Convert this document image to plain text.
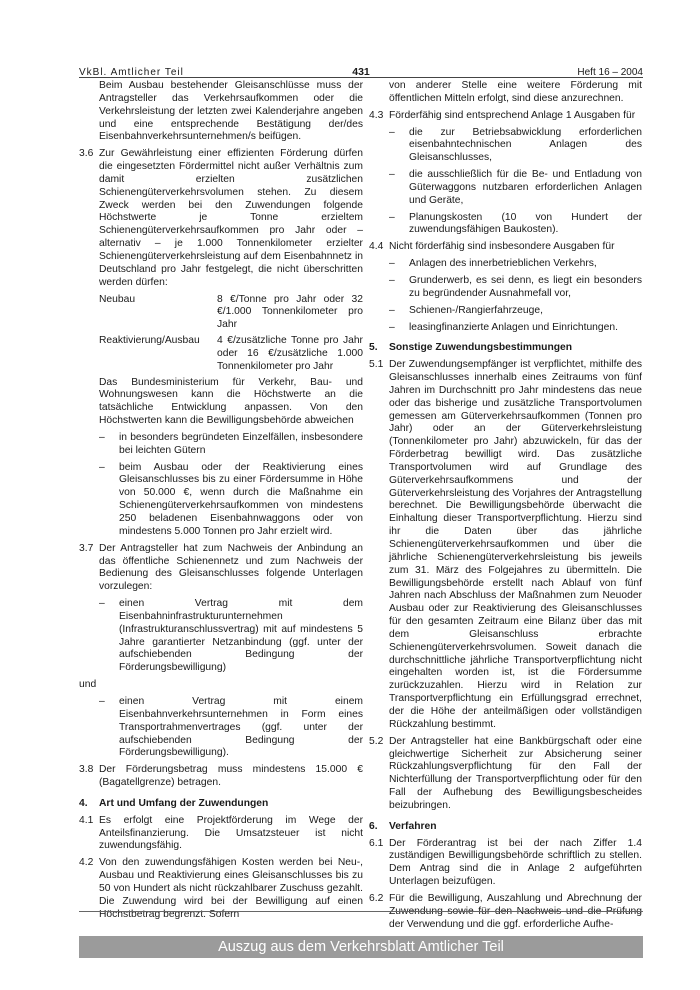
VkBl. Amtlicher Teil	431	Heft 16 – 2004

Beim Ausbau bestehender Gleisanschlüsse muss der Antragsteller das Verkehrsaufkommen oder die Verkehrsleistung der letzten zwei Kalenderjahre angeben und eine entsprechende Bestätigung der/des Eisenbahnverkehrsunternehmen/s beifügen.

3.6 Zur Gewährleistung einer effizienten Förderung dürfen die eingesetzten Fördermittel nicht außer Verhältnis zum damit erzielten zusätzlichen Schienengüterverkehrsvolumen stehen. Zu diesem Zweck werden bei den Zuwendungen folgende Höchstwerte je Tonne erzieltem Schienengüterverkehrsaufkommen pro Jahr oder – alternativ – je 1.000 Tonnenkilometer erzielter Schienengüterverkehrsleistung auf dem Eisenbahnnetz in Deutschland pro Jahr festgelegt, die nicht überschritten werden dürfen:
Neubau	8 €/Tonne pro Jahr oder 32 €/1.000 Tonnenkilometer pro Jahr
Reaktivierung/Ausbau	4 €/zusätzliche Tonne pro Jahr oder 16 €/zusätzliche 1.000 Tonnenkilometer pro Jahr

Das Bundesministerium für Verkehr, Bau- und Wohnungswesen kann die Höchstwerte an die tatsächliche Entwicklung anpassen. Von den Höchstwerten kann die Bewilligungsbehörde abweichen

–	in besonders begründeten Einzelfällen, insbesondere bei leichten Gütern
–	beim Ausbau oder der Reaktivierung eines Gleisanschlusses bis zu einer Fördersumme in Höhe von 50.000 €, wenn durch die Maßnahme ein Schienengüterverkehrsaufkommen von mindestens 250 beladenen Eisenbahnwaggons oder von mindestens 5.000 Tonnen pro Jahr erzielt wird.
3.7 Der Antragsteller hat zum Nachweis der Anbindung an das öffentliche Schienennetz und zum Nachweis der Bedienung des Gleisanschlusses folgende Unterlagen vorzulegen:
–	einen Vertrag mit dem Eisenbahninfrastrukturunternehmen (Infrastrukturanschlussvertrag) mit auf mindestens 5 Jahre garantierter Netzanbindung (ggf. unter der aufschiebenden Bedingung der Förderungsbewilligung)

und

–	einen Vertrag mit einem Eisenbahnverkehrsunternehmen in Form eines Transportrahmenvertrages (ggf. unter der aufschiebenden Bedingung der Förderungsbewilligung).
3.8 Der Förderungsbetrag muss mindestens 15.000 € (Bagatellgrenze) betragen.
4.	Art und Umfang der Zuwendungen
4.1 Es erfolgt eine Projektförderung im Wege der Anteilsfinanzierung. Die Umsatzsteuer ist nicht zuwendungsfähig.
4.2 Von den zuwendungsfähigen Kosten werden bei Neu-, Ausbau und Reaktivierung eines Gleisanschlusses bis zu 50 von Hundert als nicht rückzahlbarer Zuschuss gezahlt. Die Zuwendung wird bei der Bewilligung auf einen Höchstbetrag begrenzt. Sofern

von anderer Stelle eine weitere Förderung mit öffentlichen Mitteln erfolgt, sind diese anzurechnen.

4.3 Förderfähig sind entsprechend Anlage 1 Ausgaben für
–	die zur Betriebsabwicklung erforderlichen eisenbahntechnischen Anlagen des Gleisanschlusses,
–	die ausschließlich für die Be- und Entladung von Güterwaggons nutzbaren erforderlichen Anlagen und Geräte,
–	Planungskosten (10 von Hundert der zuwendungsfähigen Baukosten).
4.4 Nicht förderfähig sind insbesondere Ausgaben für
–	Anlagen des innerbetrieblichen Verkehrs,
–	Grunderwerb, es sei denn, es liegt ein besonders zu begründender Ausnahmefall vor,
–	Schienen-/Rangierfahrzeuge,
–	leasingfinanzierte Anlagen und Einrichtungen.
5.	Sonstige Zuwendungsbestimmungen
5.1 Der Zuwendungsempfänger ist verpflichtet, mithilfe des Gleisanschlusses innerhalb eines Zeitraums von fünf Jahren im Durchschnitt pro Jahr mindestens das neue oder das bisherige und zusätzliche Transportvolumen gemessen am Güterverkehrsaufkommen (Tonnen pro Jahr) oder an der Güterverkehrsleistung (Tonnenkilometer pro Jahr) abzuwickeln, für das der Förderbetrag bewilligt wird. Das zusätzliche Transportvolumen wird auf Grundlage des Güterverkehrsaufkommens und der Güterverkehrsleistung des Vorjahres der Antragstellung berechnet. Die Bewilligungsbehörde überwacht die Einhaltung dieser Transportverpflichtung. Hierzu sind ihr die Daten über das jährliche Schienengüterverkehrsaufkommen und über die jährliche Schienengüterverkehrsleistung bis jeweils zum 31. März des Folgejahres zu übermitteln. Die Bewilligungsbehörde erstellt nach Ablauf von fünf Jahren nach Abschluss der Maßnahmen zum Neuoder Ausbau oder zur Reaktivierung des Gleisanschlusses für den gesamten Zeitraum eine Bilanz über das mit dem Gleisanschluss erbrachte Schienengüterverkehrsvolumen. Soweit danach die durchschnittliche jährliche Transportverpflichtung nicht eingehalten worden ist, ist die Fördersumme zurückzuzahlen. Hierzu wird in Relation zur Transportverpflichtung ein Erfüllungsgrad errechnet, der die Höhe der anteilmäßigen oder vollständigen Rückzahlung bestimmt.
5.2 Der Antragsteller hat eine Bankbürgschaft oder eine gleichwertige Sicherheit zur Absicherung seiner Rückzahlungsverpflichtung für den Fall der Nichterfüllung der Transportverpflichtung oder für den Fall der Aufhebung des Bewilligungsbescheides beizubringen.
6.	Verfahren
6.1 Der Förderantrag ist bei der nach Ziffer 1.4 zuständigen Bewilligungsbehörde schriftlich zu stellen. Dem Antrag sind die in Anlage 2 aufgeführten Unterlagen beizufügen.
6.2 Für die Bewilligung, Auszahlung und Abrechnung der Zuwendung sowie für den Nachweis und die Prüfung der Verwendung und die ggf. erforderliche Aufhe-
Auszug aus dem Verkehrsblatt Amtlicher Teil
